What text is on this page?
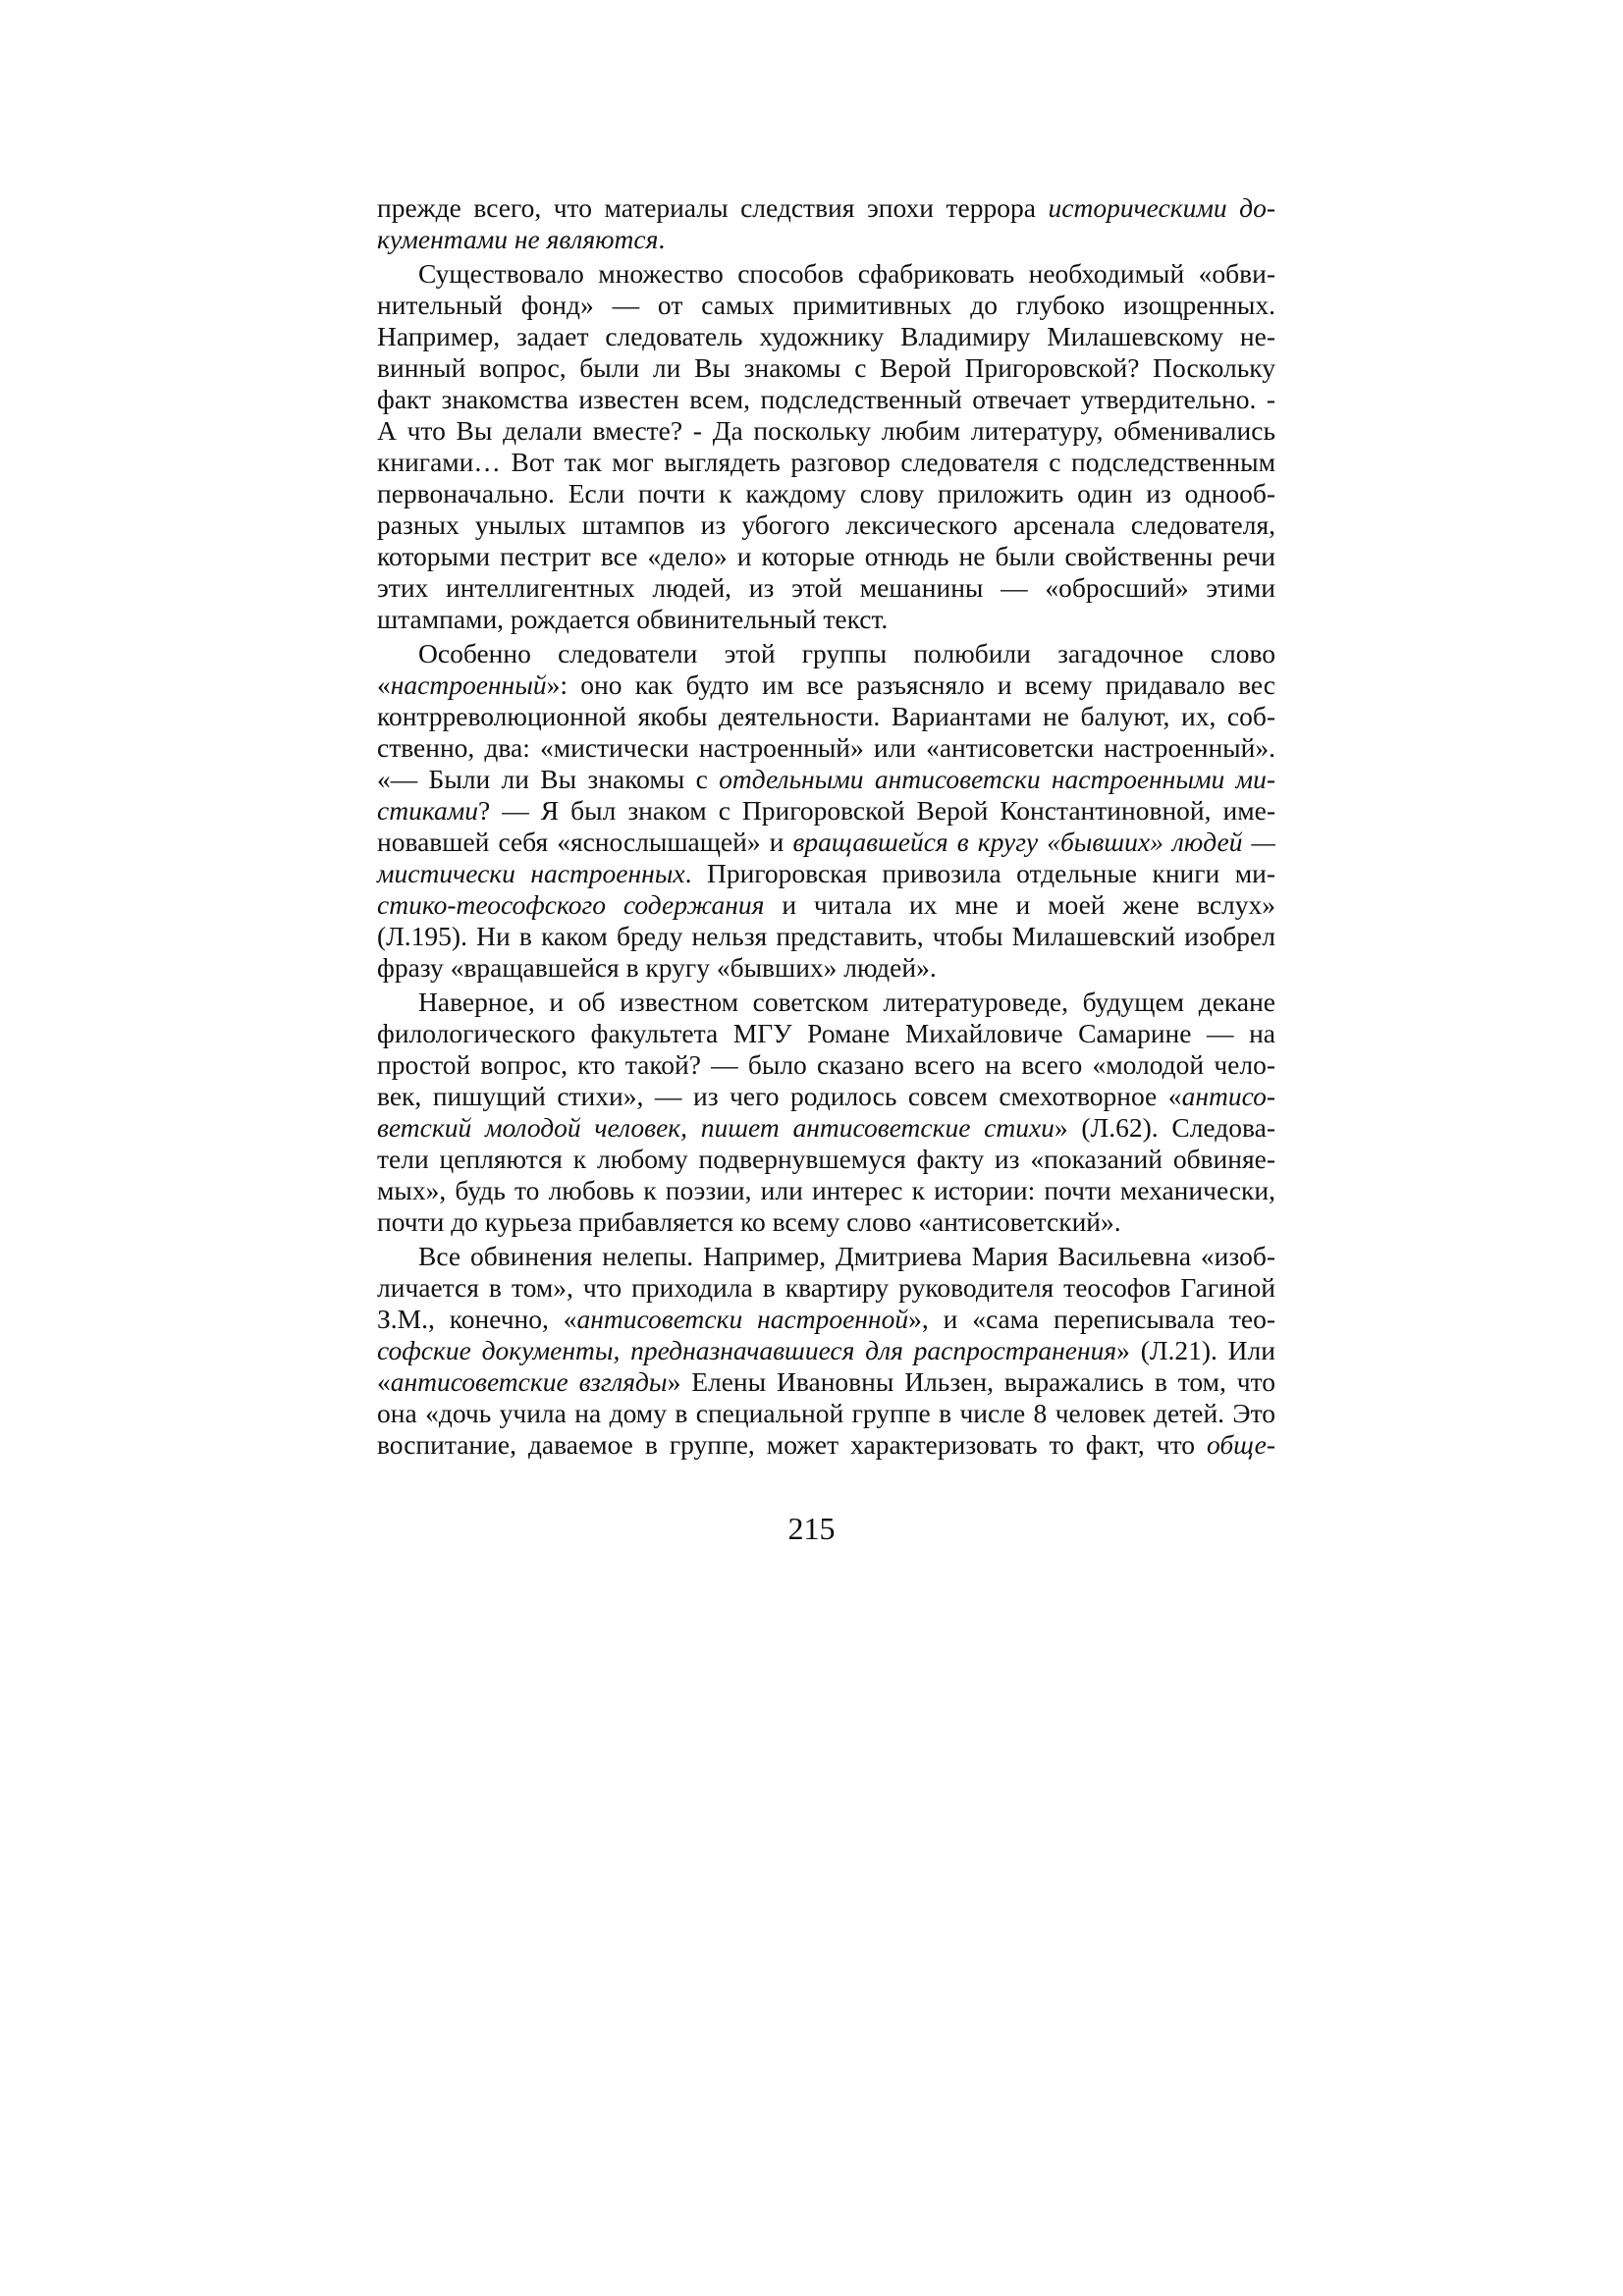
прежде всего, что материалы следствия эпохи террора историческими до-
кументами не являются.
Существовало множество способов сфабриковать необходимый «обви-
нительный фонд» — от самых примитивных до глубоко изощренных.
Например, задает следователь художнику Владимиру Милашевскому не-
винный вопрос, были ли Вы знакомы с Верой Пригоровской? Поскольку
факт знакомства известен всем, подследственный отвечает утвердительно. -
А что Вы делали вместе? - Да поскольку любим литературу, обменивались
книгами… Вот так мог выглядеть разговор следователя с подследственным
первоначально. Если почти к каждому слову приложить один из однооб-
разных унылых штампов из убогого лексического арсенала следователя,
которыми пестрит все «дело» и которые отнюдь не были свойственны речи
этих интеллигентных людей, из этой мешанины — «обросший» этими
штампами, рождается обвинительный текст.
Особенно следователи этой группы полюбили загадочное слово
«настроенный»: оно как будто им все разъясняло и всему придавало вес
контрреволюционной якобы деятельности. Вариантами не балуют, их, соб-
ственно, два: «мистически настроенный» или «антисоветски настроенный».
«— Были ли Вы знакомы с отдельными антисоветски настроенными ми-
стиками? — Я был знаком с Пригоровской Верой Константиновной, име-
новавшей себя «яснослышащей» и вращавшейся в кругу «бывших» людей —
мистически настроенных. Пригоровская привозила отдельные книги ми-
стико-теософского содержания и читала их мне и моей жене вслух»
(Л.195). Ни в каком бреду нельзя представить, чтобы Милашевский изобрел
фразу «вращавшейся в кругу «бывших» людей».
Наверное, и об известном советском литературоведе, будущем декане
филологического факультета МГУ Романе Михайловиче Самарине — на
простой вопрос, кто такой? — было сказано всего на всего «молодой чело-
век, пишущий стихи», — из чего родилось совсем смехотворное «антисо-
ветский молодой человек, пишет антисоветские стихи» (Л.62). Следова-
тели цепляются к любому подвернувшемуся факту из «показаний обвиняе-
мых», будь то любовь к поэзии, или интерес к истории: почти механически,
почти до курьеза прибавляется ко всему слово «антисоветский».
Все обвинения нелепы. Например, Дмитриева Мария Васильевна «изоб-
личается в том», что приходила в квартиру руководителя теософов Гагиной
З.М., конечно, «антисоветски настроенной», и «сама переписывала тео-
софские документы, предназначавшиеся для распространения» (Л.21). Или
«антисоветские взгляды» Елены Ивановны Ильзен, выражались в том, что
она «дочь учила на дому в специальной группе в числе 8 человек детей. Это
воспитание, даваемое в группе, может характеризовать то факт, что обще-
215
